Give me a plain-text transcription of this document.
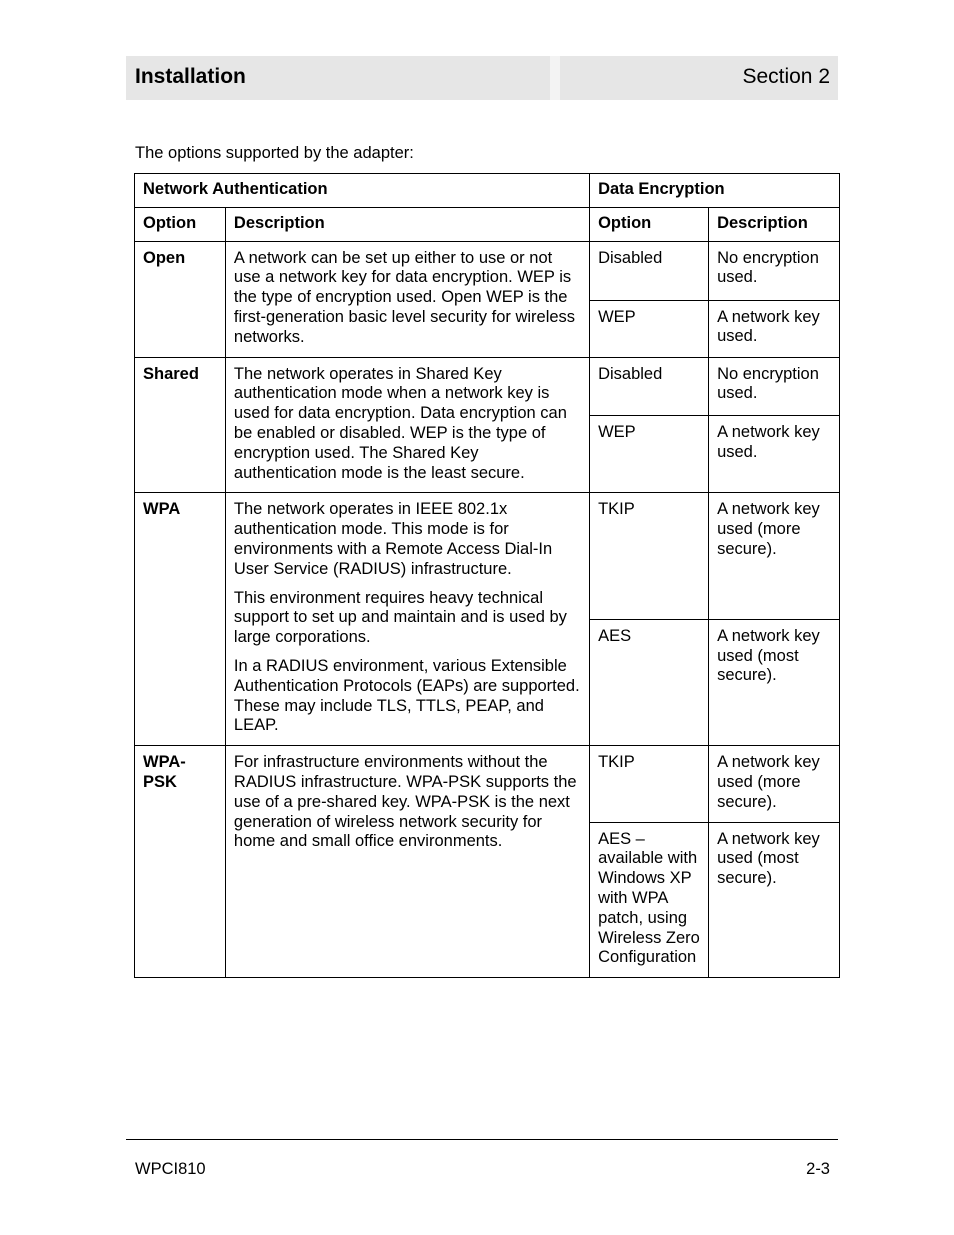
Installation	Section 2
The options supported by the adapter:
Network Authentication		Data Encryption	
Option	Description	Option	Description
Open	A network can be set up either to use or not use a network key for data encryption. WEP is the type of encryption used. Open WEP is the first-generation basic level security for wireless networks.	Disabled	No encryption used.
		WEP	A network key used.
Shared	The network operates in Shared Key authentication mode when a network key is used for data encryption. Data encryption can be enabled or disabled. WEP is the type of encryption used. The Shared Key authentication mode is the least secure.	Disabled	No encryption used.
		WEP	A network key used.
WPA	The network operates in IEEE 802.1x authentication mode. This mode is for environments with a Remote Access Dial-In User Service (RADIUS) infrastructure.

This environment requires heavy technical support to set up and maintain and is used by large corporations.

In a RADIUS environment, various Extensible Authentication Protocols (EAPs) are supported. These may include TLS, TTLS, PEAP, and LEAP.	TKIP	A network key used (more secure).
		AES	A network key used (most secure).
WPA-PSK	For infrastructure environments without the RADIUS infrastructure. WPA-PSK supports the use of a pre-shared key. WPA-PSK is the next generation of wireless network security for home and small office environments.	TKIP	A network key used (more secure).
		AES – available with Windows XP with WPA patch, using Wireless Zero Configuration	A network key used (most secure).
WPCI810	2-3
